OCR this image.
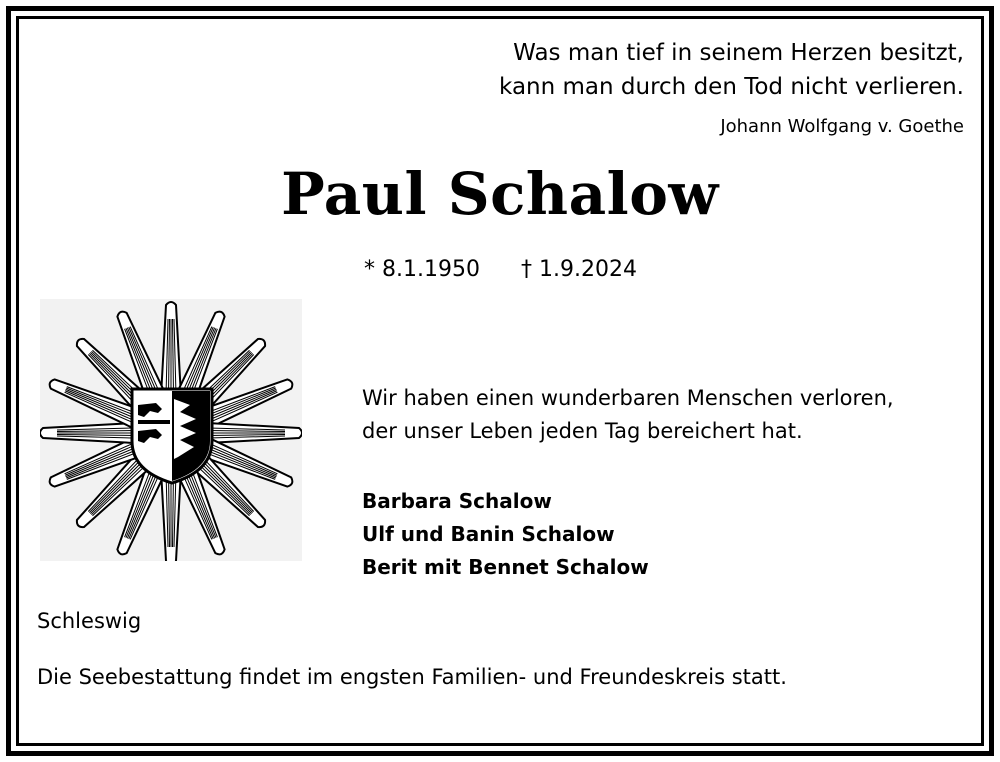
Was man tief in seinem Herzen besitzt,
kann man durch den Tod nicht verlieren.
Johann Wolfgang v. Goethe
Paul Schalow
* 8.1.1950 † 1.9.2024
Wir haben einen wunderbaren Menschen verloren,
der unser Leben jeden Tag bereichert hat.
Barbara Schalow
Ulf und Banin Schalow
Berit mit Bennet Schalow
Schleswig
Die Seebestattung findet im engsten Familien- und Freundeskreis statt.
